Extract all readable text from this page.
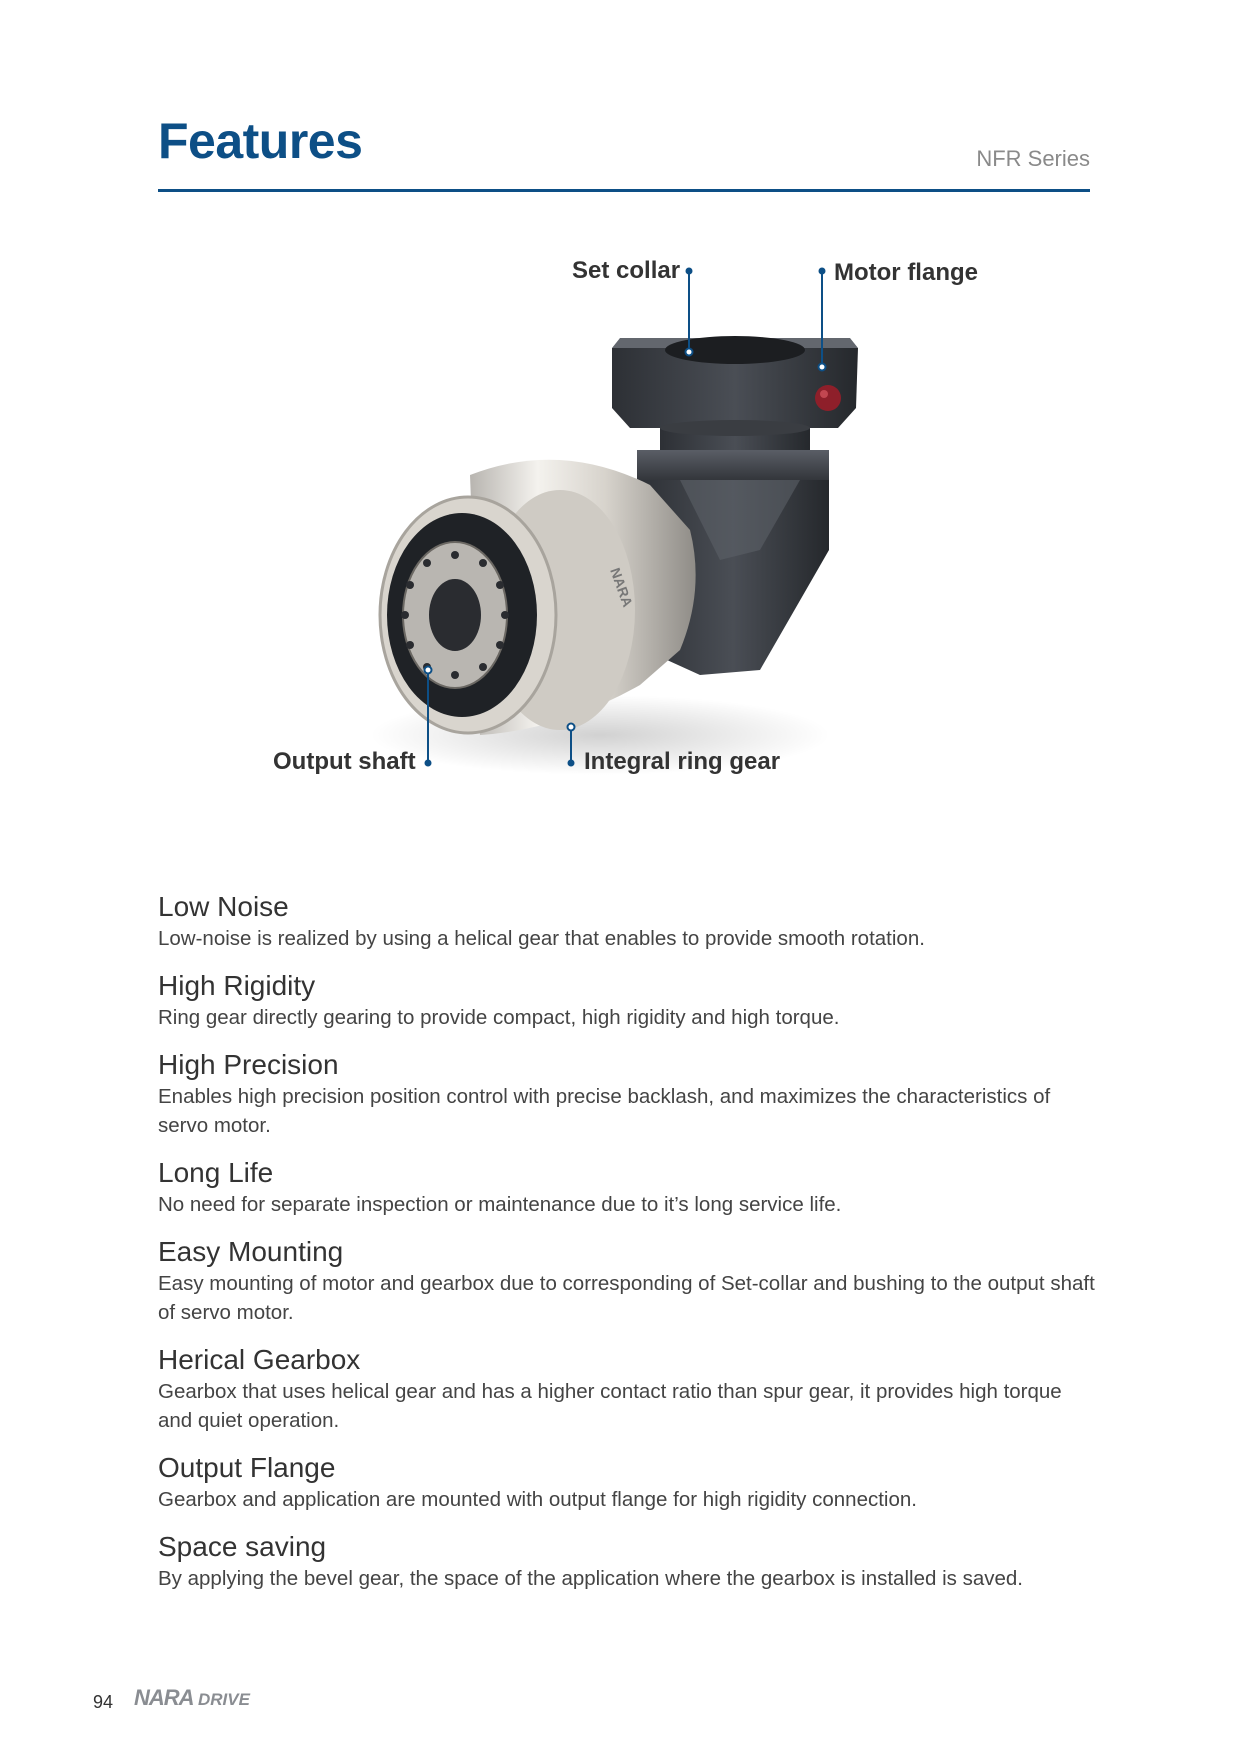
Features	NFR Series
NARA
Set collar	Motor flange
Output shaft	Integral ring gear
Low Noise

Low-noise is realized by using a helical gear that enables to provide smooth rotation.

High Rigidity

Ring gear directly gearing to provide compact, high rigidity and high torque.

High Precision

Enables high precision position control with precise backlash, and maximizes the characteristics of servo motor.

Long Life

No need for separate inspection or maintenance due to it’s long service life.

Easy Mounting

Easy mounting of motor and gearbox due to corresponding of Set-collar and bushing to the output shaft of servo motor.

Herical Gearbox

Gearbox that uses helical gear and has a higher contact ratio than spur gear, it provides high torque and quiet operation.

Output Flange

Gearbox and application are mounted with output flange for high rigidity connection.

Space saving

By applying the bevel gear, the space of the application where the gearbox is installed is saved.

94 NARA DRIVE
